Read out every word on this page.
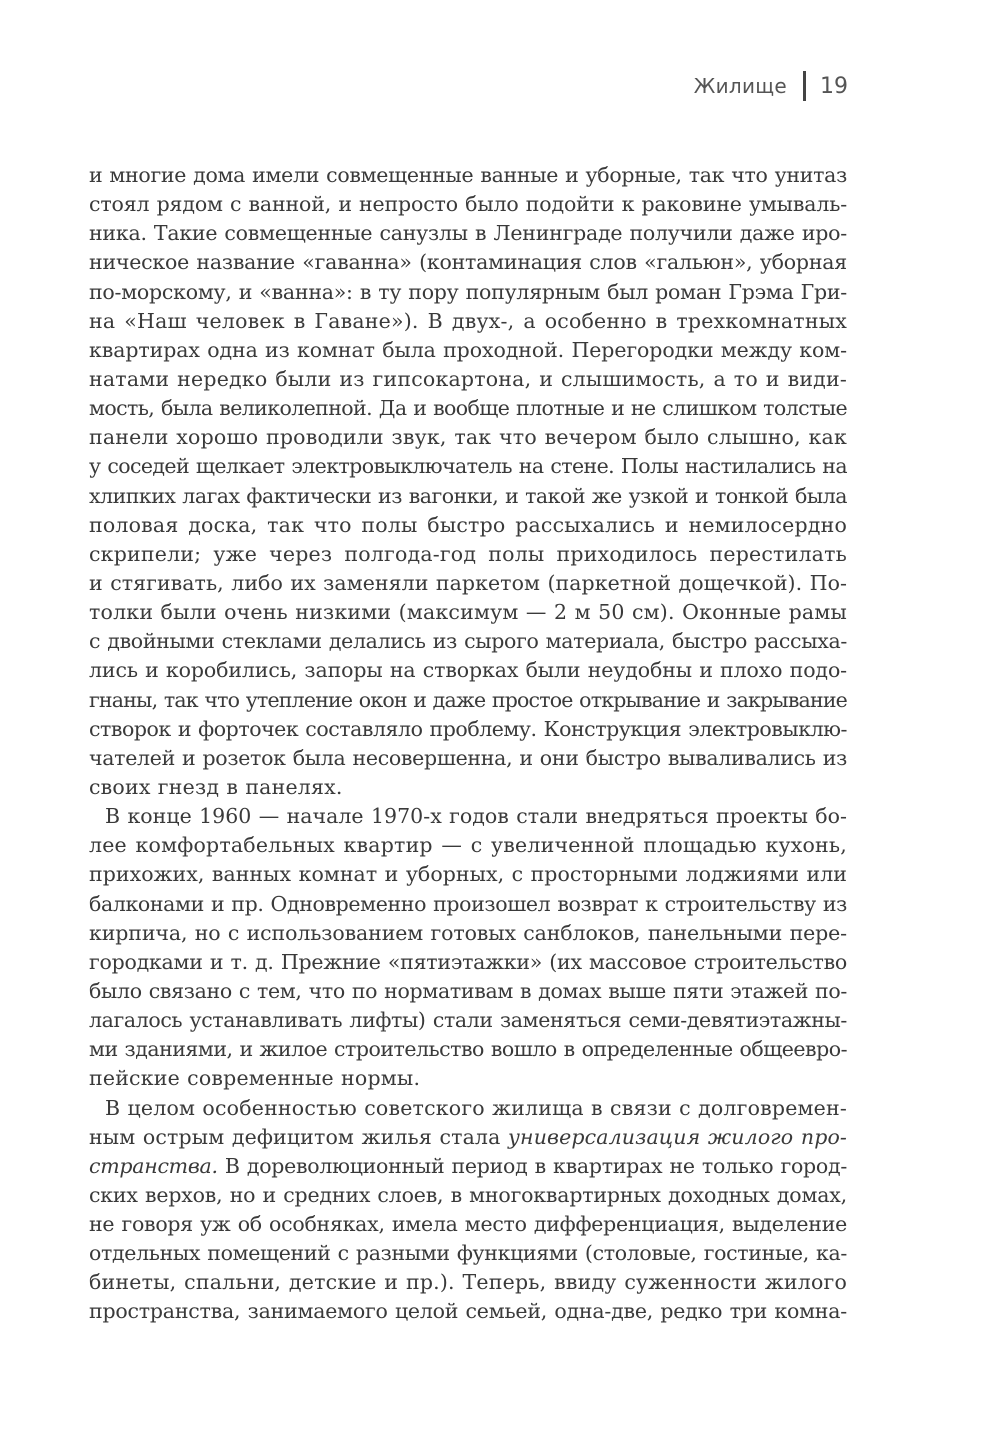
Жилище 19
и многие дома имели совмещенные ванные и уборные, так что унитаз
стоял рядом с ванной, и непросто было подойти к раковине умываль-
ника. Такие совмещенные санузлы в Ленинграде получили даже иро-
ническое название «гаванна» (контаминация слов «гальюн», уборная
по-морскому, и «ванна»: в ту пору популярным был роман Грэма Гри-
на «Наш человек в Гаване»). В двух-, а особенно в трехкомнатных
квартирах одна из комнат была проходной. Перегородки между ком-
натами нередко были из гипсокартона, и слышимость, а то и види-
мость, была великолепной. Да и вообще плотные и не слишком толстые
панели хорошо проводили звук, так что вечером было слышно, как
у соседей щелкает электровыключатель на стене. Полы настилались на
хлипких лагах фактически из вагонки, и такой же узкой и тонкой была
половая доска, так что полы быстро рассыхались и немилосердно
скрипели; уже через полгода-год полы приходилось перестилать
и стягивать, либо их заменяли паркетом (паркетной дощечкой). По-
толки были очень низкими (максимум — 2 м 50 см). Оконные рамы
с двойными стеклами делались из сырого материала, быстро рассыха-
лись и коробились, запоры на створках были неудобны и плохо подо-
гнаны, так что утепление окон и даже простое открывание и закрывание
створок и форточек составляло проблему. Конструкция электровыклю-
чателей и розеток была несовершенна, и они быстро вываливались из
своих гнезд в панелях.
В конце 1960 — начале 1970-х годов стали внедряться проекты бо-
лее комфортабельных квартир — с увеличенной площадью кухонь,
прихожих, ванных комнат и уборных, с просторными лоджиями или
балконами и пр. Одновременно произошел возврат к строительству из
кирпича, но с использованием готовых санблоков, панельными пере-
городками и т. д. Прежние «пятиэтажки» (их массовое строительство
было связано с тем, что по нормативам в домах выше пяти этажей по-
лагалось устанавливать лифты) стали заменяться семи-девятиэтажны-
ми зданиями, и жилое строительство вошло в определенные общеевро-
пейские современные нормы.
В целом особенностью советского жилища в связи с долговремен-
ным острым дефицитом жилья стала универсализация жилого про-
странства. В дореволюционный период в квартирах не только город-
ских верхов, но и средних слоев, в многоквартирных доходных домах,
не говоря уж об особняках, имела место дифференциация, выделение
отдельных помещений с разными функциями (столовые, гостиные, ка-
бинеты, спальни, детские и пр.). Теперь, ввиду суженности жилого
пространства, занимаемого целой семьей, одна-две, редко три комна-
